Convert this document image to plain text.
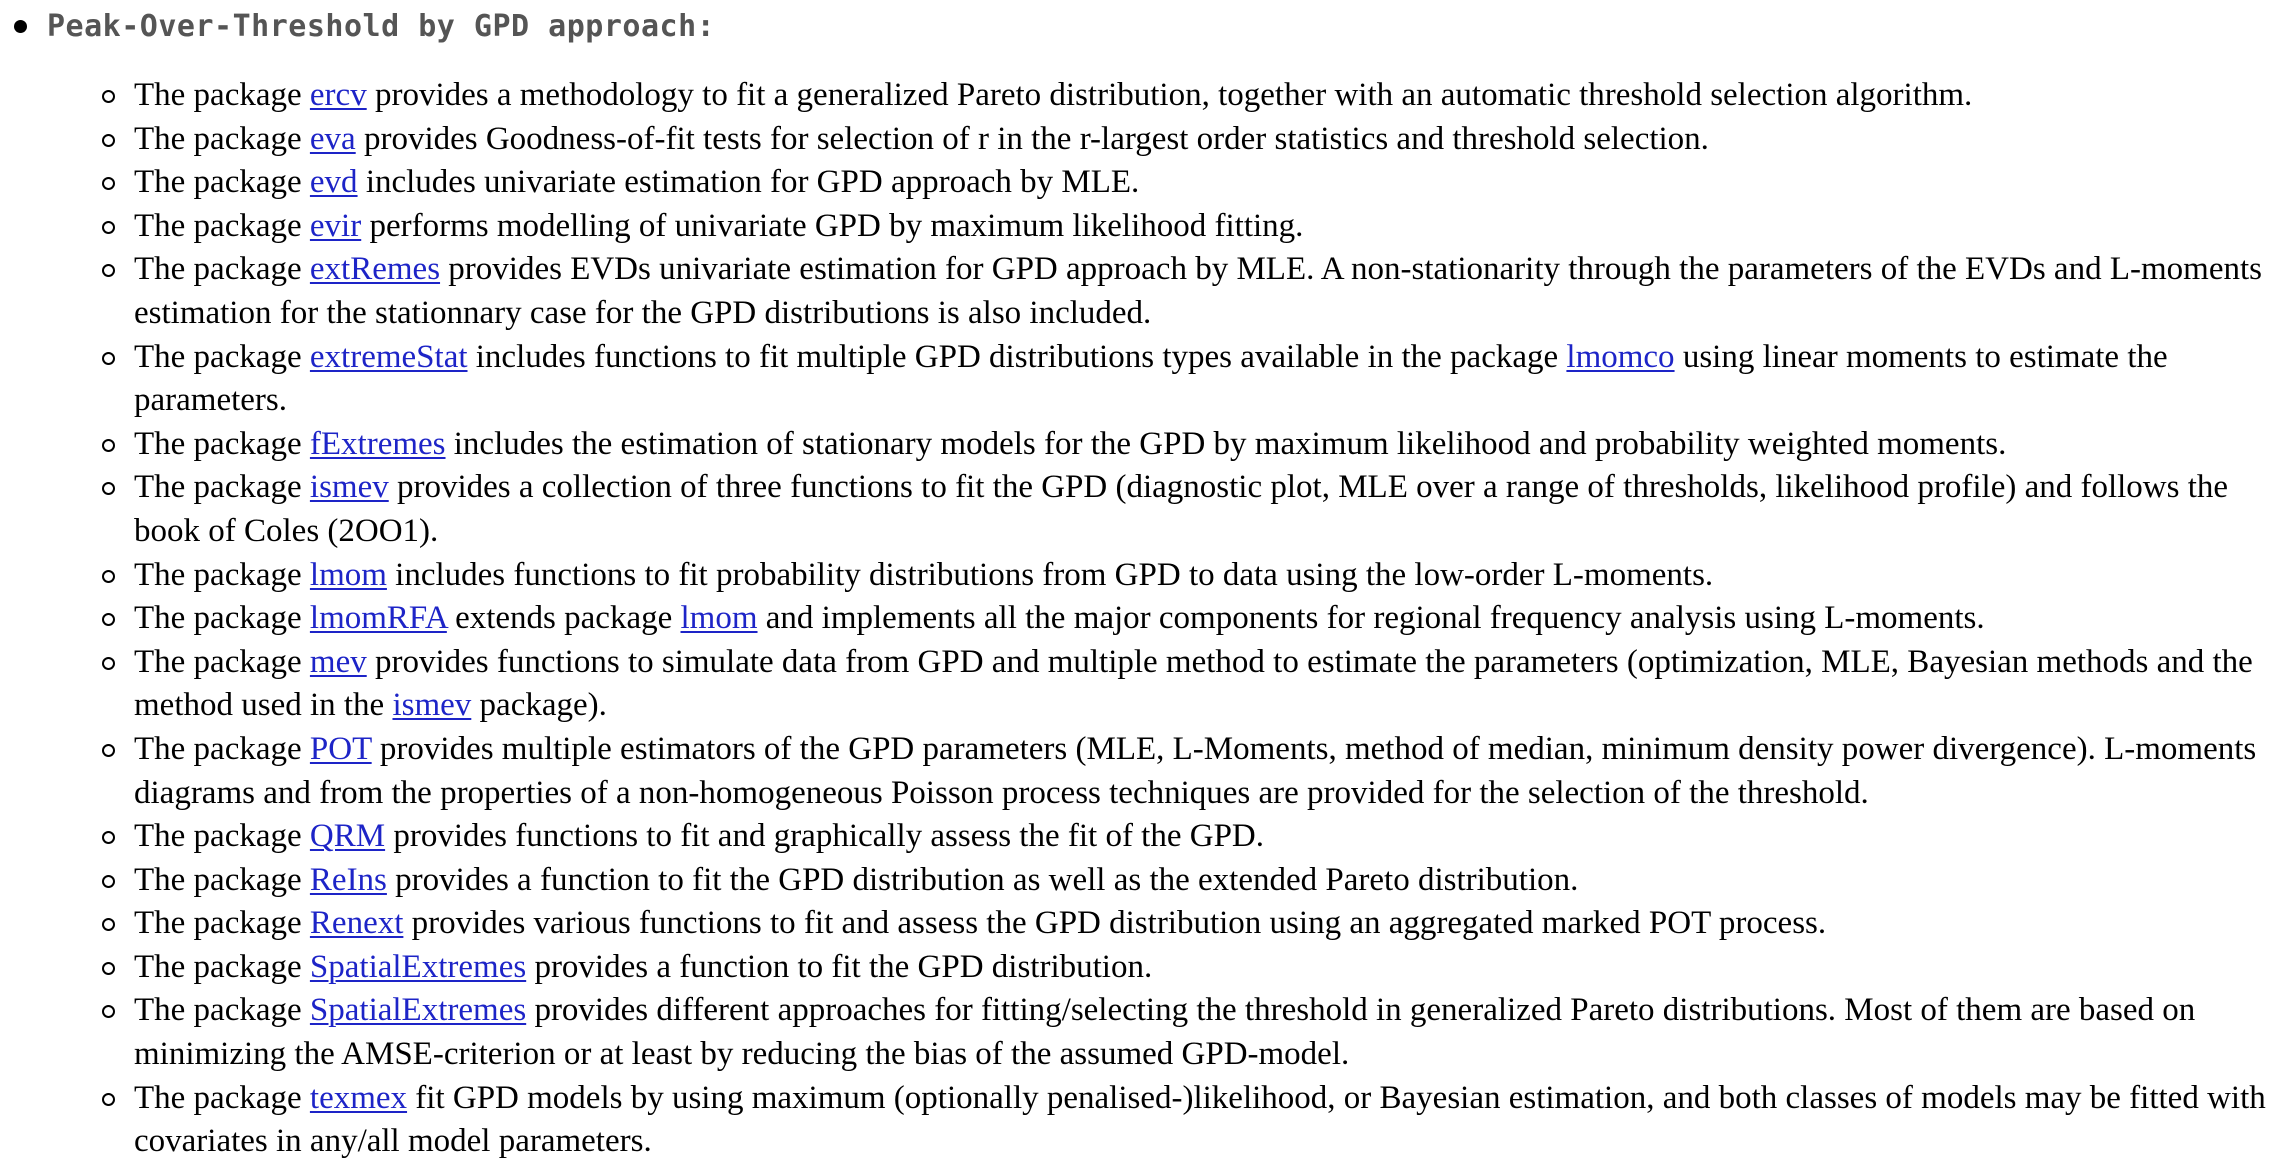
Peak-Over-Threshold by GPD approach:
The package ercv provides a methodology to fit a generalized Pareto distribution, together with an automatic threshold selection algorithm.
The package eva provides Goodness-of-fit tests for selection of r in the r-largest order statistics and threshold selection.
The package evd includes univariate estimation for GPD approach by MLE.
The package evir performs modelling of univariate GPD by maximum likelihood fitting.
The package extRemes provides EVDs univariate estimation for GPD approach by MLE. A non-stationarity through the parameters of the EVDs and L-moments estimation for the stationnary case for the GPD distributions is also included.
The package extremeStat includes functions to fit multiple GPD distributions types available in the package lmomco using linear moments to estimate the parameters.
The package fExtremes includes the estimation of stationary models for the GPD by maximum likelihood and probability weighted moments.
The package ismev provides a collection of three functions to fit the GPD (diagnostic plot, MLE over a range of thresholds, likelihood profile) and follows the book of Coles (2OO1).
The package lmom includes functions to fit probability distributions from GPD to data using the low-order L-moments.
The package lmomRFA extends package lmom and implements all the major components for regional frequency analysis using L-moments.
The package mev provides functions to simulate data from GPD and multiple method to estimate the parameters (optimization, MLE, Bayesian methods and the method used in the ismev package).
The package POT provides multiple estimators of the GPD parameters (MLE, L-Moments, method of median, minimum density power divergence). L-moments diagrams and from the properties of a non-homogeneous Poisson process techniques are provided for the selection of the threshold.
The package QRM provides functions to fit and graphically assess the fit of the GPD.
The package ReIns provides a function to fit the GPD distribution as well as the extended Pareto distribution.
The package Renext provides various functions to fit and assess the GPD distribution using an aggregated marked POT process.
The package SpatialExtremes provides a function to fit the GPD distribution.
The package SpatialExtremes provides different approaches for fitting/selecting the threshold in generalized Pareto distributions. Most of them are based on minimizing the AMSE-criterion or at least by reducing the bias of the assumed GPD-model.
The package texmex fit GPD models by using maximum (optionally penalised-)likelihood, or Bayesian estimation, and both classes of models may be fitted with covariates in any/all model parameters.
